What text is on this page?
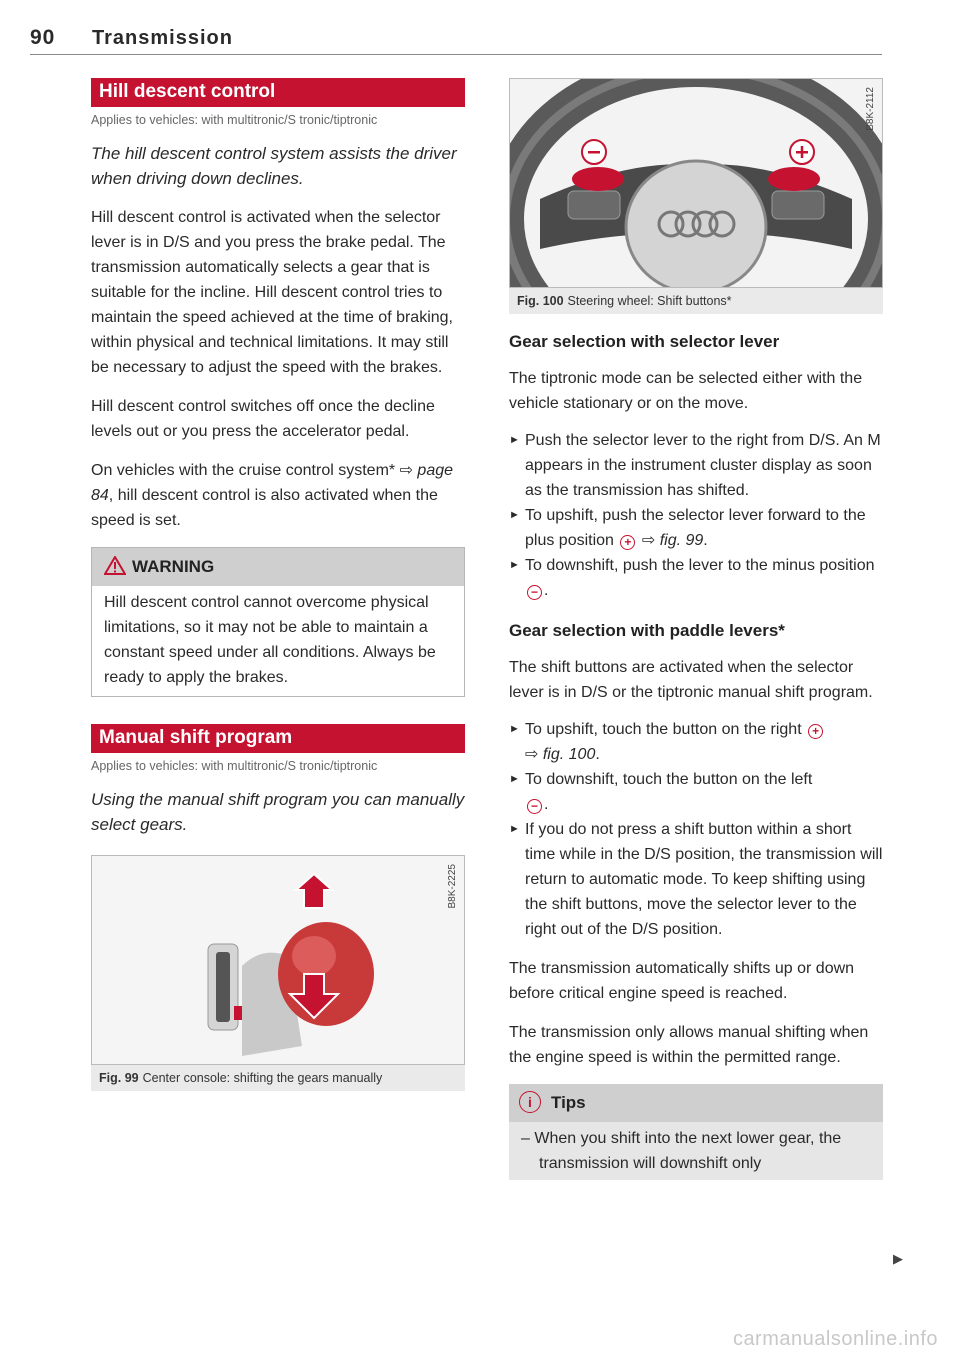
90 Transmission
Hill descent control
Applies to vehicles: with multitronic/S tronic/tiptronic
The hill descent control system assists the driver when driving down declines.

Hill descent control is activated when the selector lever is in D/S and you press the brake pedal. The transmission automatically selects a gear that is suitable for the incline. Hill descent control tries to maintain the speed achieved at the time of braking, within physical and technical limitations. It may still be necessary to adjust the speed with the brakes.

Hill descent control switches off once the decline levels out or you press the accelerator pedal.

On vehicles with the cruise control system* ⇨ page 84, hill descent control is also activated when the speed is set.

WARNING
Hill descent control cannot overcome physical limitations, so it may not be able to maintain a constant speed under all conditions. Always be ready to apply the brakes.
Manual shift program
Applies to vehicles: with multitronic/S tronic/tiptronic
Using the manual shift program you can manually select gears.
B8K-2225
Fig. 99 Center console: shifting the gears manually
B8K-2112
Fig. 100 Steering wheel: Shift buttons*
Gear selection with selector lever

The tiptronic mode can be selected either with the vehicle stationary or on the move.

► Push the selector lever to the right from D/S. An M appears in the instrument cluster display as soon as the transmission has shifted.
► To upshift, push the selector lever forward to the plus position + ⇨ fig. 99.
► To downshift, push the lever to the minus position − .
Gear selection with paddle levers*

The shift buttons are activated when the selector lever is in D/S or the tiptronic manual shift program.

► To upshift, touch the button on the right +
⇨ fig. 100.
► To downshift, touch the button on the left
− .
► If you do not press a shift button within a short time while in the D/S position, the transmission will return to automatic mode. To keep shifting using the shift buttons, move the selector lever to the right out of the D/S position.

The transmission automatically shifts up or down before critical engine speed is reached.

The transmission only allows manual shifting when the engine speed is within the permitted range.

i Tips
– When you shift into the next lower gear, the transmission will downshift only
▶
carmanualsonline.info
